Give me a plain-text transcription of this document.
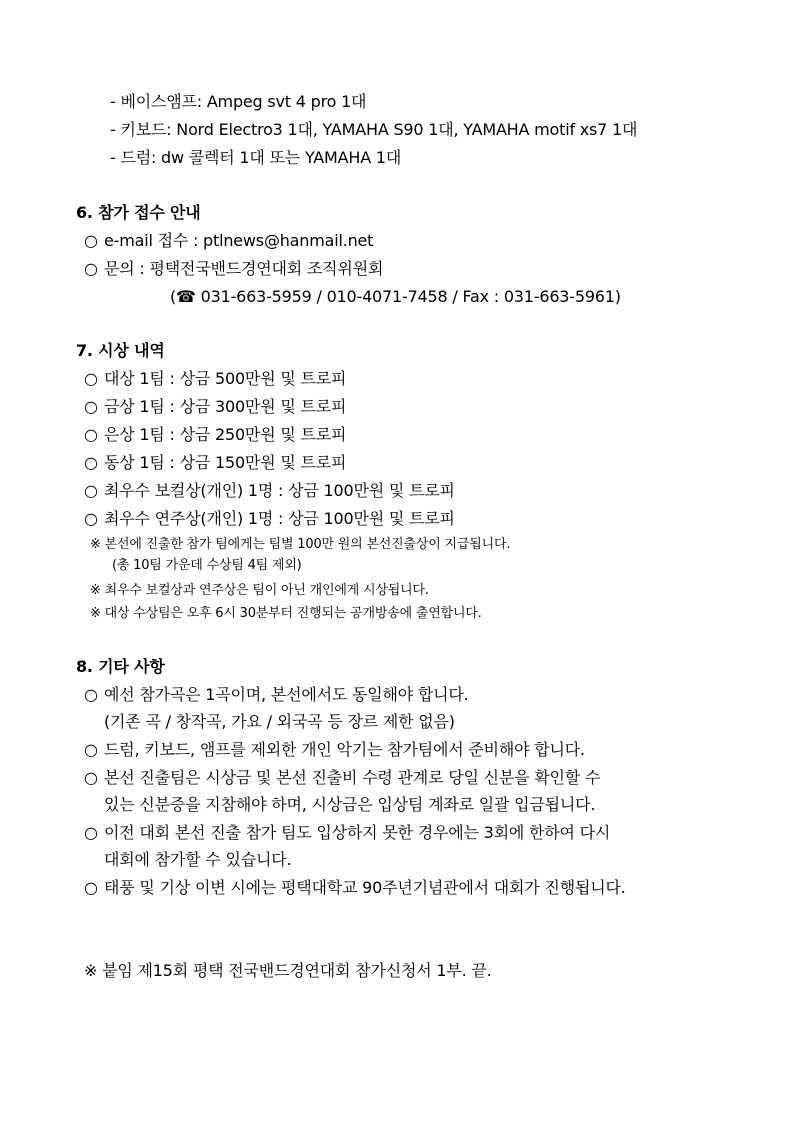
- 베이스앰프: Ampeg svt 4 pro 1대
- 키보드: Nord Electro3 1대, YAMAHA S90 1대, YAMAHA motif xs7 1대
- 드럼: dw 콜렉터 1대 또는 YAMAHA 1대
6. 참가 접수 안내
○ e-mail 접수 : ptlnews@hanmail.net
○ 문의 : 평택전국밴드경연대회 조직위원회
(☎ 031-663-5959 / 010-4071-7458 / Fax : 031-663-5961)
7. 시상 내역
○ 대상 1팀 : 상금 500만원 및 트로피
○ 금상 1팀 : 상금 300만원 및 트로피
○ 은상 1팀 : 상금 250만원 및 트로피
○ 동상 1팀 : 상금 150만원 및 트로피
○ 최우수 보컬상(개인) 1명 : 상금 100만원 및 트로피
○ 최우수 연주상(개인) 1명 : 상금 100만원 및 트로피
※ 본선에 진출한 참가 팀에게는 팀별 100만 원의 본선진출상이 지급됩니다.
(총 10팀 가운데 수상팀 4팀 제외)
※ 최우수 보컬상과 연주상은 팀이 아닌 개인에게 시상됩니다.
※ 대상 수상팀은 오후 6시 30분부터 진행되는 공개방송에 출연합니다.
8. 기타 사항
○ 예선 참가곡은 1곡이며, 본선에서도 동일해야 합니다.
(기존 곡 / 창작곡, 가요 / 외국곡 등 장르 제한 없음)
○ 드럼, 키보드, 앰프를 제외한 개인 악기는 참가팀에서 준비해야 합니다.
○ 본선 진출팀은 시상금 및 본선 진출비 수령 관계로 당일 신분을 확인할 수
있는 신분증을 지참해야 하며, 시상금은 입상팀 계좌로 일괄 입금됩니다.
○ 이전 대회 본선 진출 참가 팀도 입상하지 못한 경우에는 3회에 한하여 다시
대회에 참가할 수 있습니다.
○ 태풍 및 기상 이변 시에는 평택대학교 90주년기념관에서 대회가 진행됩니다.
※ 붙임 제15회 평택 전국밴드경연대회 참가신청서 1부. 끝.
